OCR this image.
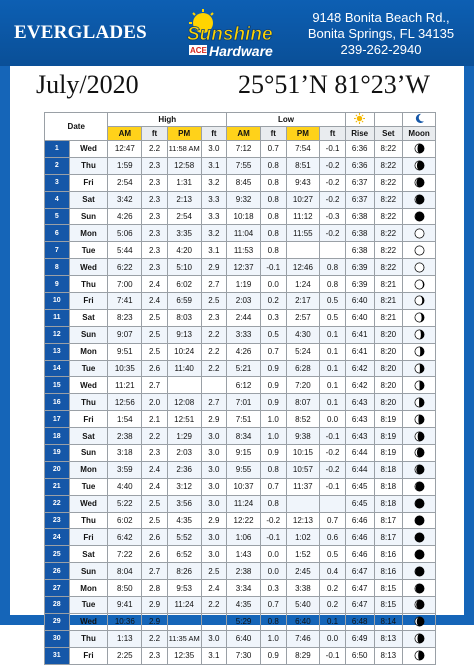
EVERGLADES Sunshine
ACE Hardware
9148 Bonita Beach Rd.,
Bonita Springs, FL 34135
239-262-2940
July/2020	25°51’N 81°23’W
Date		High				Low			
		AM	ft	PM	ft	AM	ft	PM	ft	Rise	Set	Moon
1	Wed	12:47	2.2	11:58 AM	3.0	7:12	0.7	7:54	-0.1	6:36	8:22	
2	Thu	1:59	2.3	12:58	3.1	7:55	0.8	8:51	-0.2	6:36	8:22	
3	Fri	2:54	2.3	1:31	3.2	8:45	0.8	9:43	-0.2	6:37	8:22	
4	Sat	3:42	2.3	2:13	3.3	9:32	0.8	10:27	-0.2	6:37	8:22	
5	Sun	4:26	2.3	2:54	3.3	10:18	0.8	11:12	-0.3	6:38	8:22	
6	Mon	5:06	2.3	3:35	3.2	11:04	0.8	11:55	-0.2	6:38	8:22	
7	Tue	5:44	2.3	4:20	3.1	11:53	0.8			6:38	8:22	
8	Wed	6:22	2.3	5:10	2.9	12:37	-0.1	12:46	0.8	6:39	8:22	
9	Thu	7:00	2.4	6:02	2.7	1:19	0.0	1:24	0.8	6:39	8:21	
10	Fri	7:41	2.4	6:59	2.5	2:03	0.2	2:17	0.5	6:40	8:21	
11	Sat	8:23	2.5	8:03	2.3	2:44	0.3	2:57	0.5	6:40	8:21	
12	Sun	9:07	2.5	9:13	2.2	3:33	0.5	4:30	0.1	6:41	8:20	
13	Mon	9:51	2.5	10:24	2.2	4:26	0.7	5:24	0.1	6:41	8:20	
14	Tue	10:35	2.6	11:40	2.2	5:21	0.9	6:28	0.1	6:42	8:20	
15	Wed	11:21	2.7			6:12	0.9	7:20	0.1	6:42	8:20	
16	Thu	12:56	2.0	12:08	2.7	7:01	0.9	8:07	0.1	6:43	8:20	
17	Fri	1:54	2.1	12:51	2.9	7:51	1.0	8:52	0.0	6:43	8:19	
18	Sat	2:38	2.2	1:29	3.0	8:34	1.0	9:38	-0.1	6:43	8:19	
19	Sun	3:18	2.3	2:03	3.0	9:15	0.9	10:15	-0.2	6:44	8:19	
20	Mon	3:59	2.4	2:36	3.0	9:55	0.8	10:57	-0.2	6:44	8:18	
21	Tue	4:40	2.4	3:12	3.0	10:37	0.7	11:37	-0.1	6:45	8:18	
22	Wed	5:22	2.5	3:56	3.0	11:24	0.8			6:45	8:18	
23	Thu	6:02	2.5	4:35	2.9	12:22	-0.2	12:13	0.7	6:46	8:17	
24	Fri	6:42	2.6	5:52	3.0	1:06	-0.1	1:02	0.6	6:46	8:17	
25	Sat	7:22	2.6	6:52	3.0	1:43	0.0	1:52	0.5	6:46	8:16	
26	Sun	8:04	2.7	8:26	2.5	2:38	0.0	2:45	0.4	6:47	8:16	
27	Mon	8:50	2.8	9:53	2.4	3:34	0.3	3:38	0.2	6:47	8:15	
28	Tue	9:41	2.9	11:24	2.2	4:35	0.7	5:40	0.2	6:47	8:15	
29	Wed	10:36	2.9			5:29	0.8	6:40	0.1	6:48	8:14	
30	Thu	1:13	2.2	11:35 AM	3.0	6:40	1.0	7:46	0.0	6:49	8:13	
31	Fri	2:25	2.3	12:35	3.1	7:30	0.9	8:29	-0.1	6:50	8:13	
